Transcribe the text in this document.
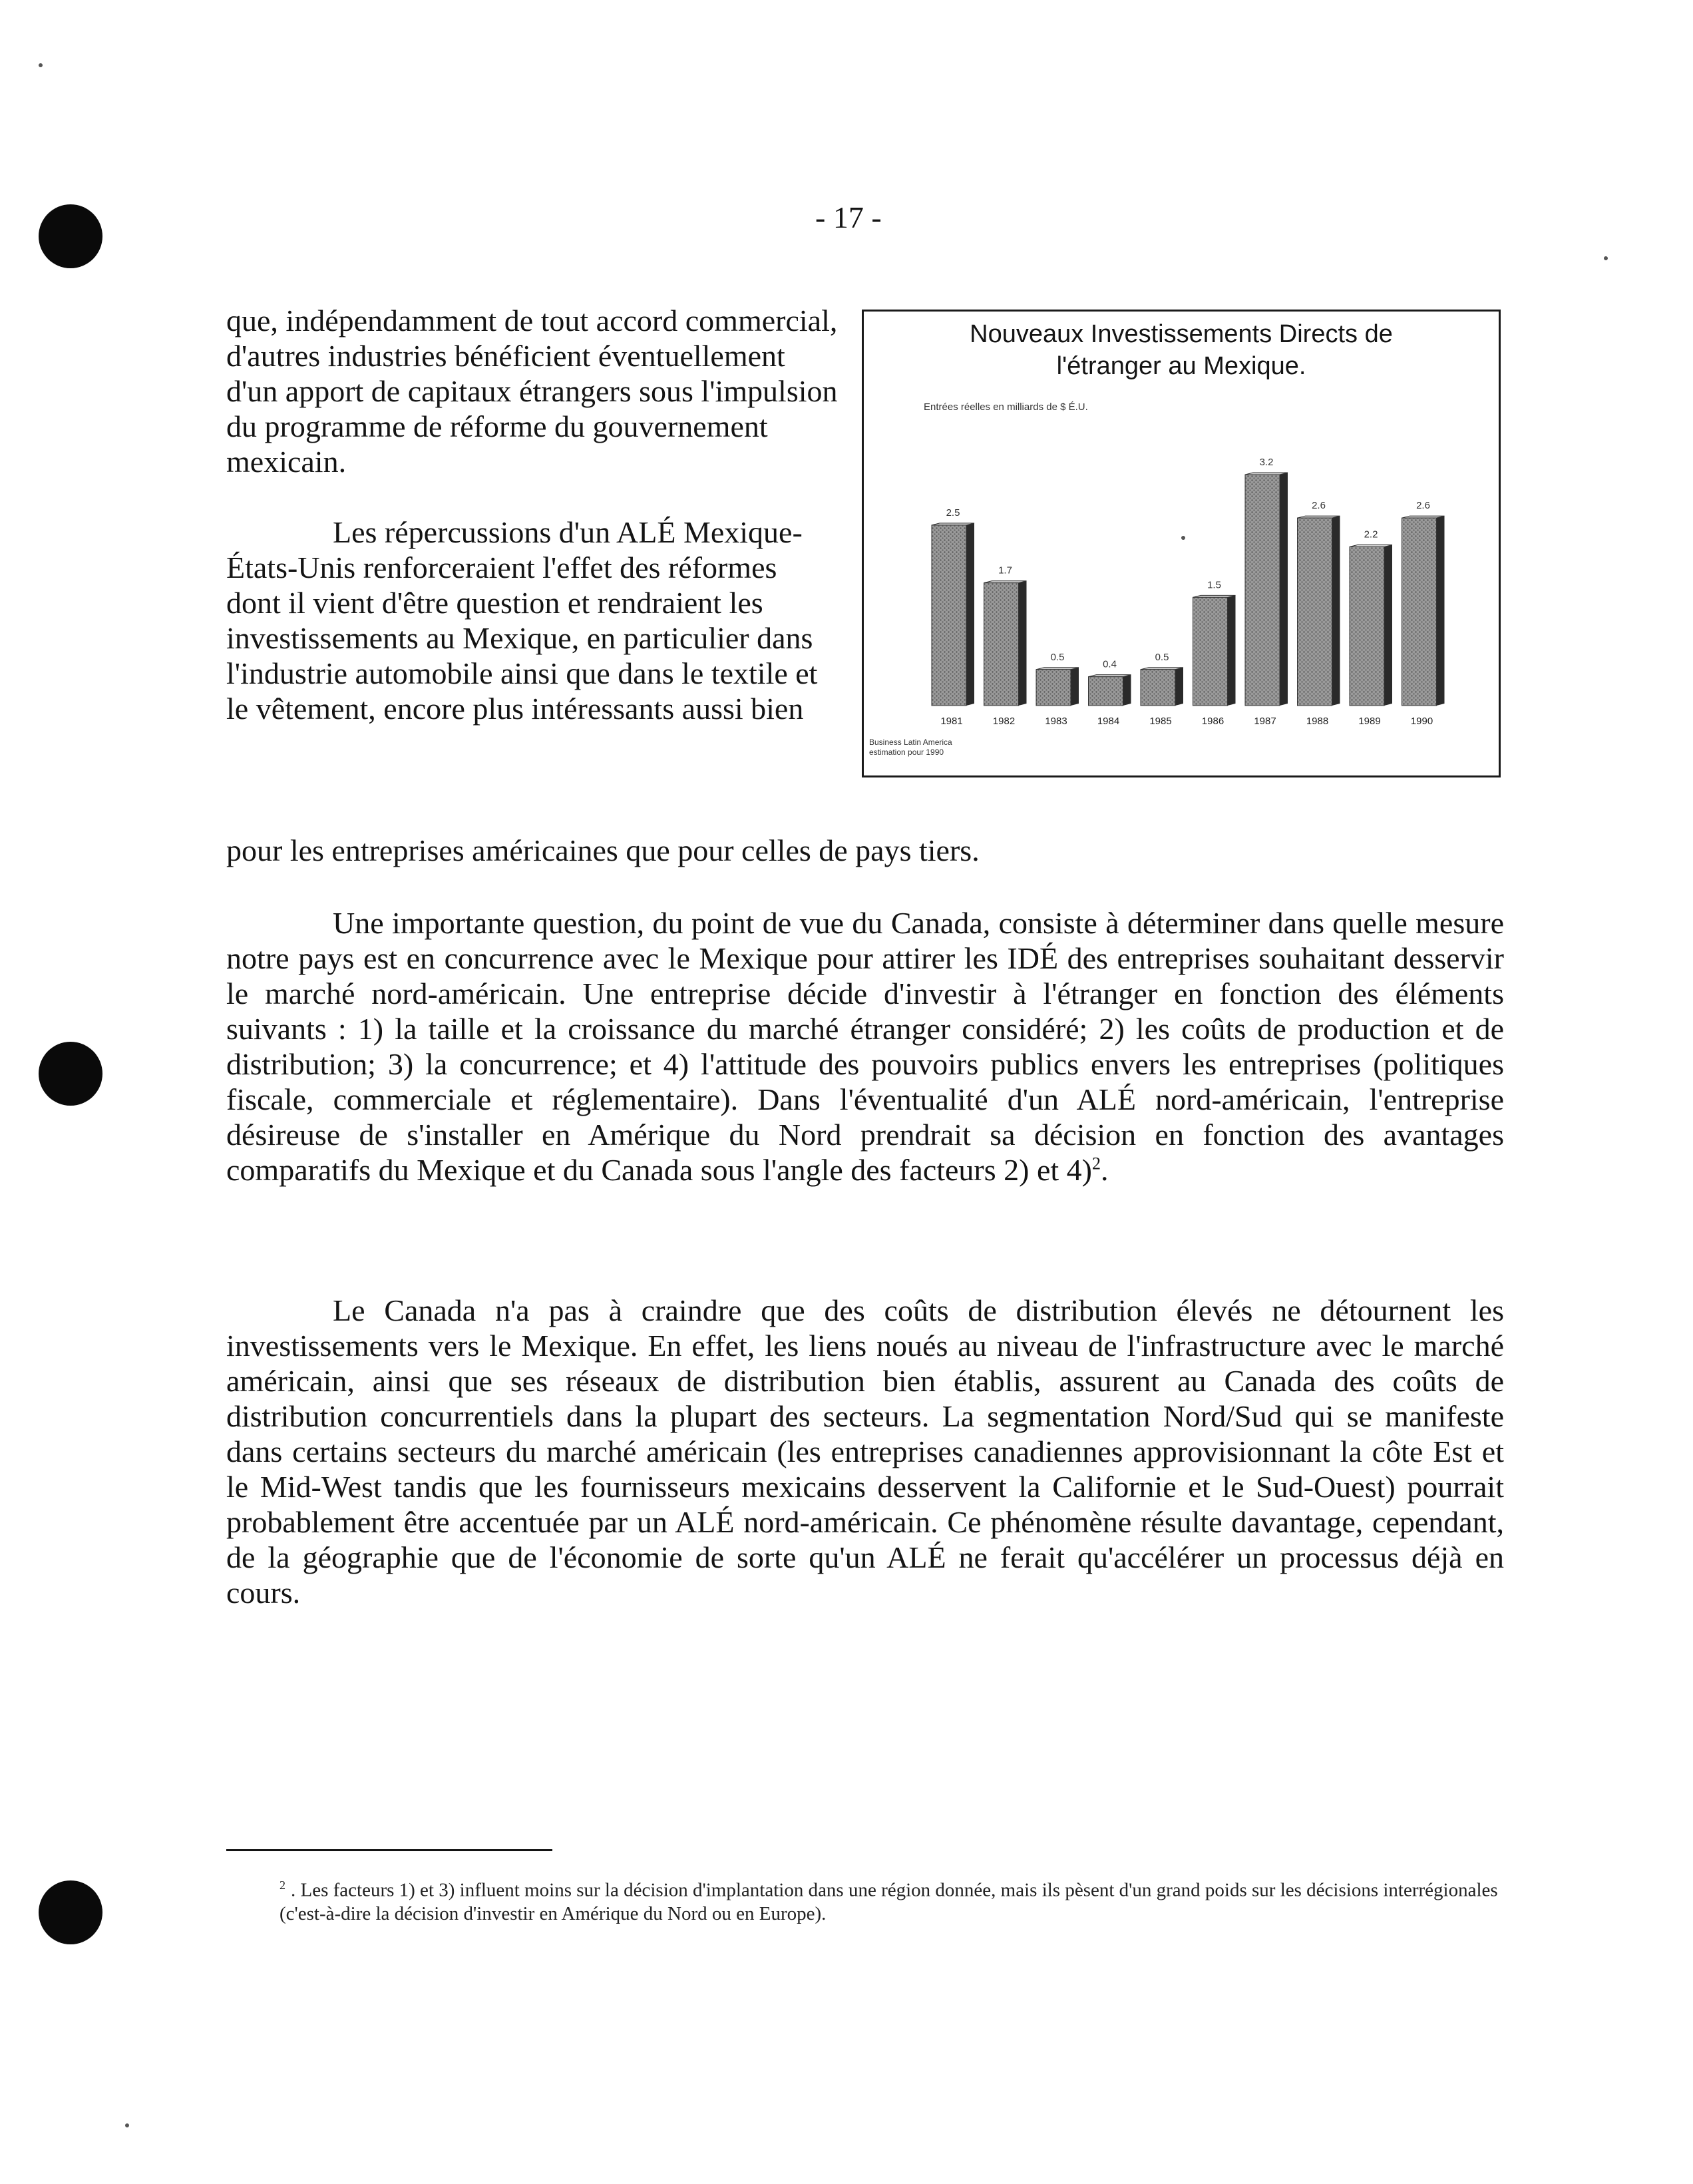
- 17 -

que, indépendamment de tout accord commercial, d'autres industries bénéficient éventuellement d'un apport de capitaux étrangers sous l'impulsion du programme de réforme du gouvernement mexicain.

Les répercussions d'un ALÉ Mexique-États-Unis renforceraient l'effet des réformes dont il vient d'être question et rendraient les investissements au Mexique, en particulier dans l'industrie automobile ainsi que dans le textile et le vêtement, encore plus intéressants aussi bien

pour les entreprises américaines que pour celles de pays tiers.
Nouveaux Investissements Directs de
l'étranger au Mexique.
Entrées réelles en milliards de $ É.U.
2.5
1981
1.7
1982
0.5
1983
0.4
1984
0.5
1985
1.5
1986
3.2
1987
2.6
1988
2.2
1989
2.6
1990
Business Latin America
estimation pour 1990

Une importante question, du point de vue du Canada, consiste à déterminer dans quelle mesure notre pays est en concurrence avec le Mexique pour attirer les IDÉ des entreprises souhaitant desservir le marché nord-américain. Une entreprise décide d'investir à l'étranger en fonction des éléments suivants : 1) la taille et la croissance du marché étranger considéré; 2) les coûts de production et de distribution; 3) la concurrence; et 4) l'attitude des pouvoirs publics envers les entreprises (politiques fiscale, commerciale et réglementaire). Dans l'éventualité d'un ALÉ nord-américain, l'entreprise désireuse de s'installer en Amérique du Nord prendrait sa décision en fonction des avantages comparatifs du Mexique et du Canada sous l'angle des facteurs 2) et 4)$^2$.

Le Canada n'a pas à craindre que des coûts de distribution élevés ne détournent les investissements vers le Mexique. En effet, les liens noués au niveau de l'infrastructure avec le marché américain, ainsi que ses réseaux de distribution bien établis, assurent au Canada des coûts de distribution concurrentiels dans la plupart des secteurs. La segmentation Nord/Sud qui se manifeste dans certains secteurs du marché américain (les entreprises canadiennes approvisionnant la côte Est et le Mid-West tandis que les fournisseurs mexicains desservent la Californie et le Sud-Ouest) pourrait probablement être accentuée par un ALÉ nord-américain. Ce phénomène résulte davantage, cependant, de la géographie que de l'économie de sorte qu'un ALÉ ne ferait qu'accélérer un processus déjà en cours.

$^2$ . Les facteurs 1) et 3) influent moins sur la décision d'implantation dans une région donnée, mais ils pèsent d'un grand poids sur les décisions interrégionales (c'est-à-dire la décision d'investir en Amérique du Nord ou en Europe).
